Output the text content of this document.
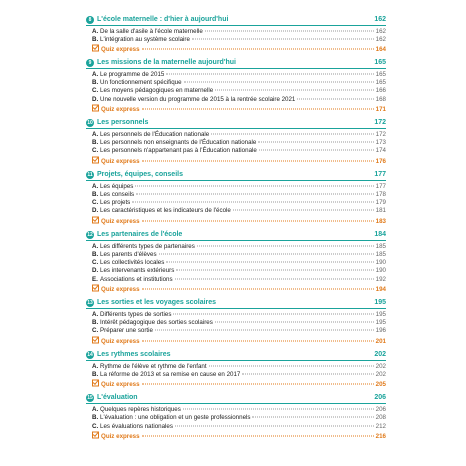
8 L'école maternelle : d'hier à aujourd'hui	162
A. De la salle d'asile à l'école maternelle	162
B. L'intégration au système scolaire	162
Quiz express	164
9 Les missions de la maternelle aujourd'hui	165
A. Le programme de 2015	165
B. Un fonctionnement spécifique	165
C. Les moyens pédagogiques en maternelle	166
D. Une nouvelle version du programme de 2015 à la rentrée scolaire 2021	168
Quiz express	171
10 Les personnels	172
A. Les personnels de l'Éducation nationale	172
B. Les personnels non enseignants de l'Éducation nationale	173
C. Les personnels n'appartenant pas à l'Éducation nationale	174
Quiz express	176
11 Projets, équipes, conseils	177
A. Les équipes	177
B. Les conseils	178
C. Les projets	179
D. Les caractéristiques et les indicateurs de l'école	181
Quiz express	183
12 Les partenaires de l'école	184
A. Les différents types de partenaires	185
B. Les parents d'élèves	185
C. Les collectivités locales	190
D. Les intervenants extérieurs	190
E. Associations et institutions	192
Quiz express	194
13 Les sorties et les voyages scolaires	195
A. Différents types de sorties	195
B. Intérêt pédagogique des sorties scolaires	195
C. Préparer une sortie	196
Quiz express	201
14 Les rythmes scolaires	202
A. Rythme de l'élève et rythme de l'enfant	202
B. La réforme de 2013 et sa remise en cause en 2017	202
Quiz express	205
15 L'évaluation	206
A. Quelques repères historiques	206
B. L'évaluation : une obligation et un geste professionnels	208
C. Les évaluations nationales	212
Quiz express	216
